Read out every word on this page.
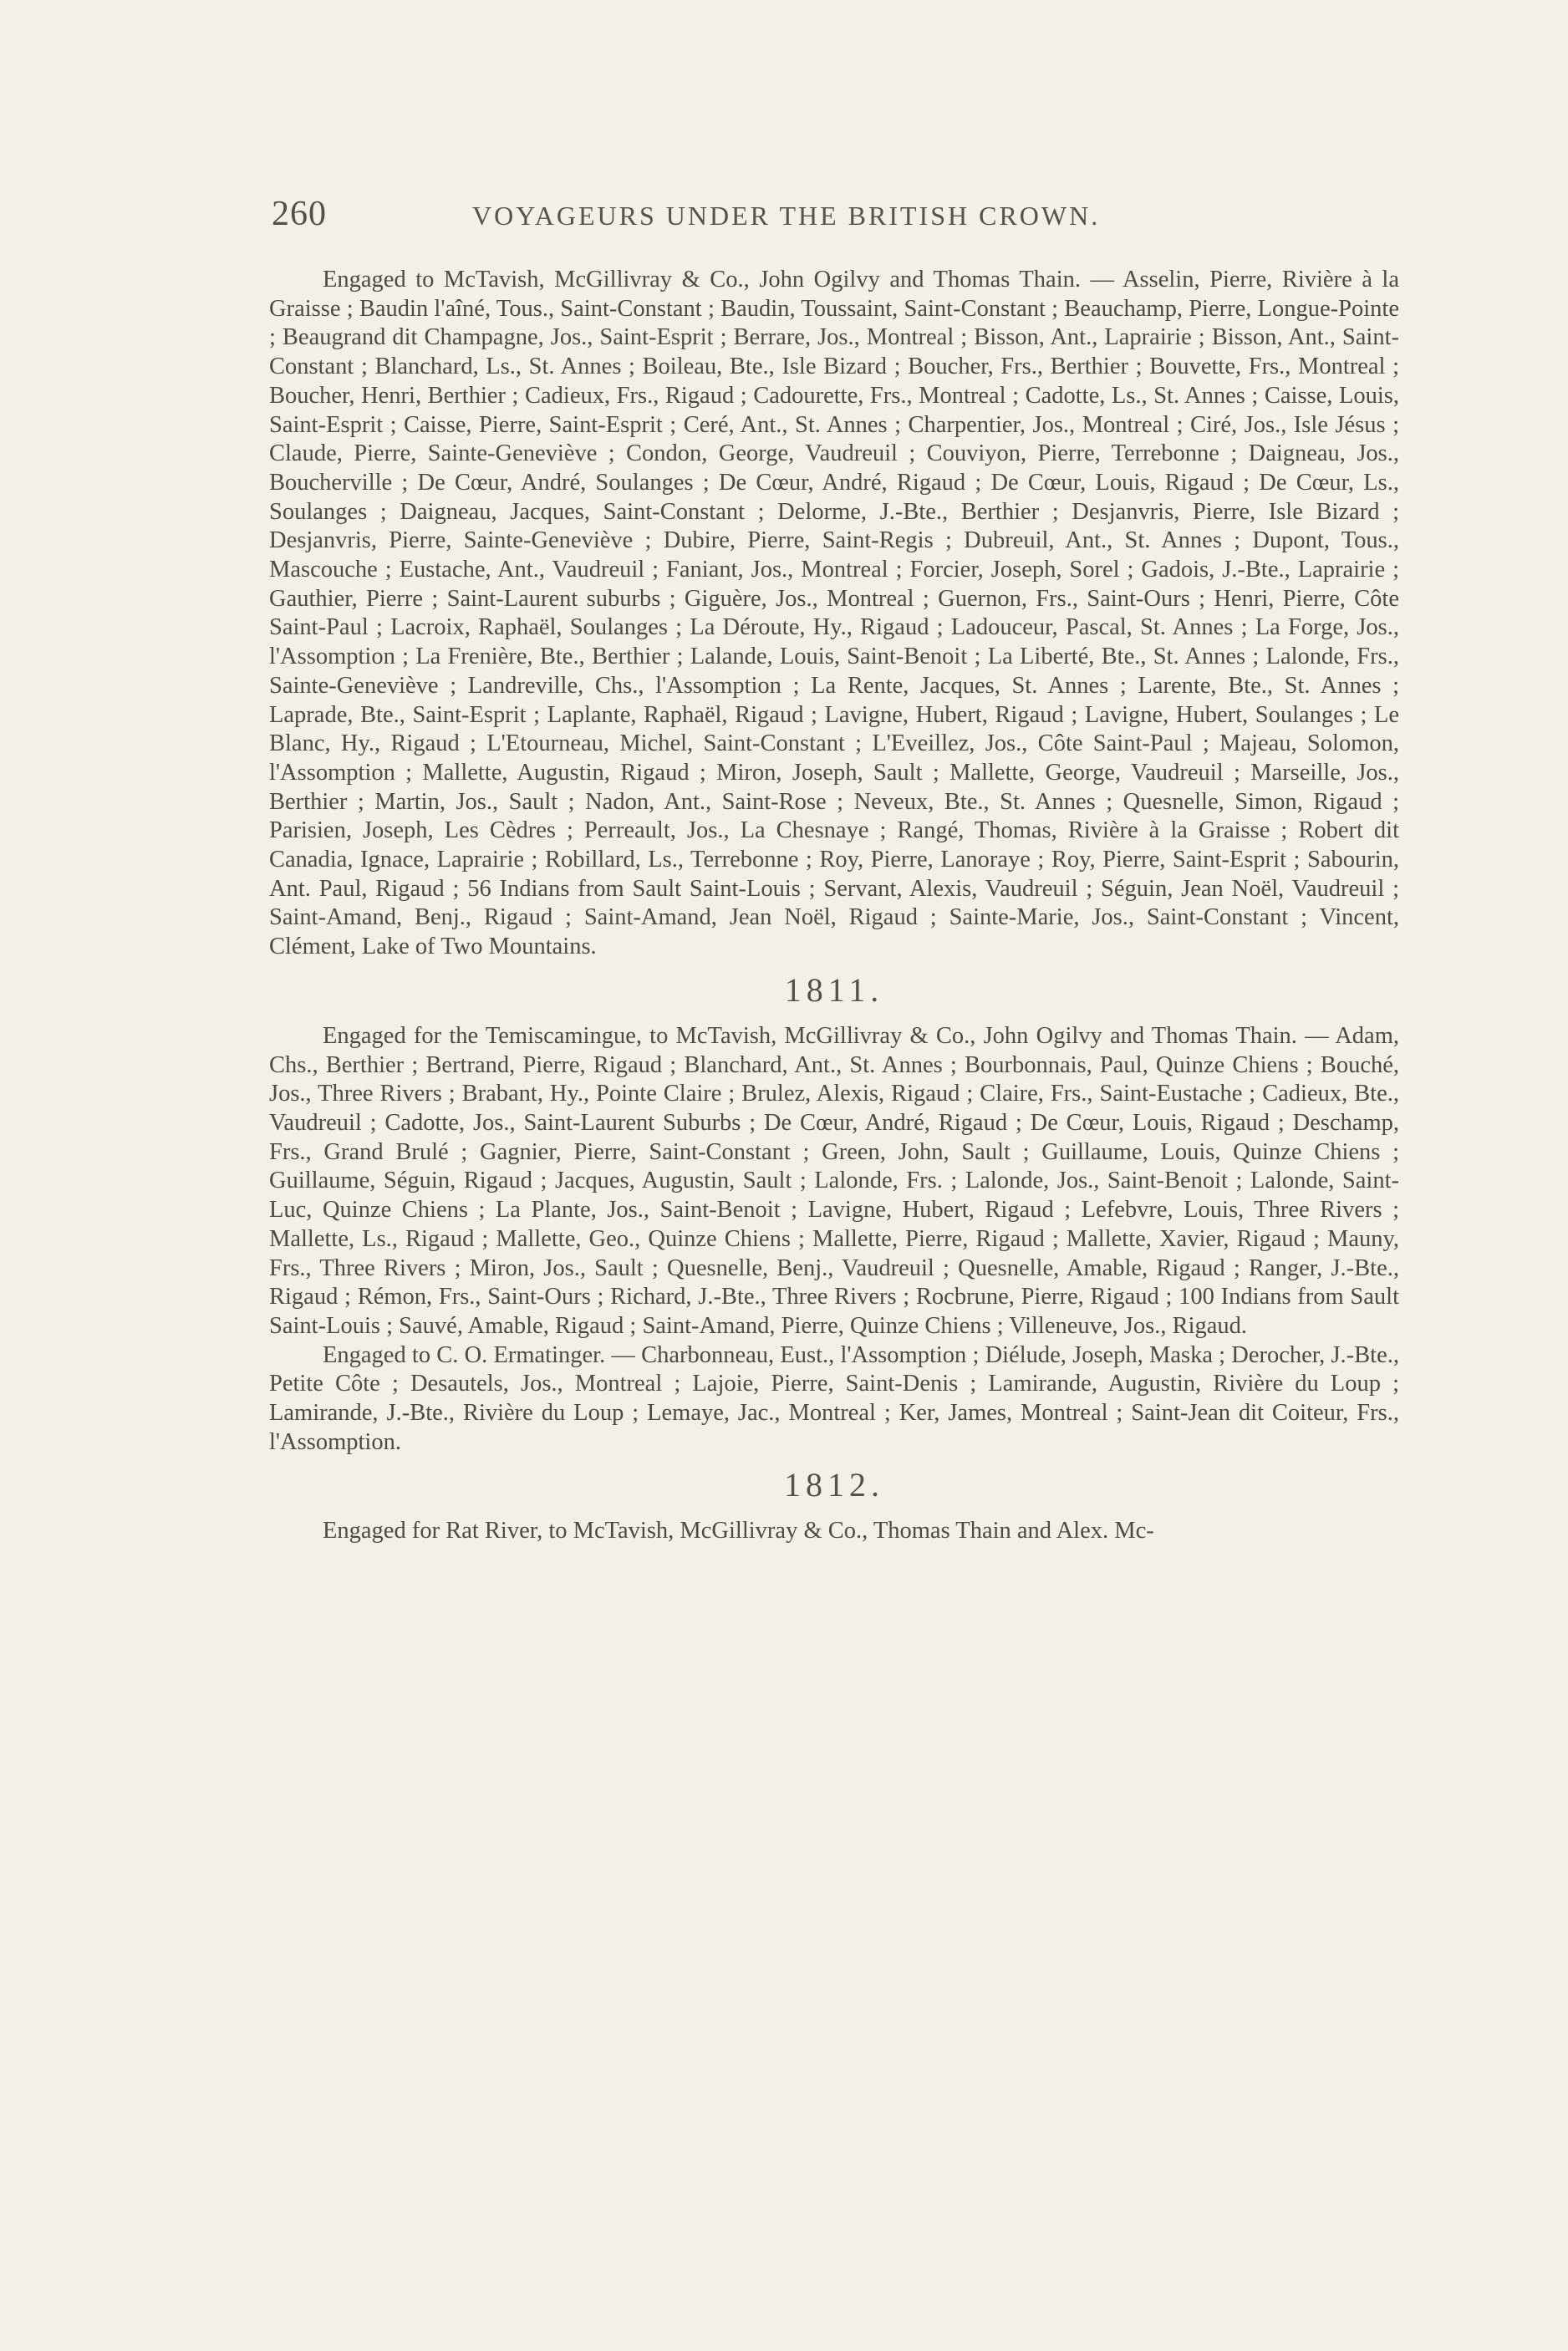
260	VOYAGEURS UNDER THE BRITISH CROWN.

Engaged to McTavish, McGillivray & Co., John Ogilvy and Thomas Thain. — Asselin, Pierre, Rivière à la Graisse ; Baudin l'aîné, Tous., Saint-Constant ; Baudin, Toussaint, Saint-Constant ; Beauchamp, Pierre, Longue-Pointe ; Beaugrand dit Champagne, Jos., Saint-Esprit ; Berrare, Jos., Montreal ; Bisson, Ant., Laprairie ; Bisson, Ant., Saint-Constant ; Blanchard, Ls., St. Annes ; Boileau, Bte., Isle Bizard ; Boucher, Frs., Berthier ; Bouvette, Frs., Montreal ; Boucher, Henri, Berthier ; Cadieux, Frs., Rigaud ; Cadourette, Frs., Montreal ; Cadotte, Ls., St. Annes ; Caisse, Louis, Saint-Esprit ; Caisse, Pierre, Saint-Esprit ; Ceré, Ant., St. Annes ; Charpentier, Jos., Montreal ; Ciré, Jos., Isle Jésus ; Claude, Pierre, Sainte-Geneviève ; Condon, George, Vaudreuil ; Couviyon, Pierre, Terrebonne ; Daigneau, Jos., Boucherville ; De Cœur, André, Soulanges ; De Cœur, André, Rigaud ; De Cœur, Louis, Rigaud ; De Cœur, Ls., Soulanges ; Daigneau, Jacques, Saint-Constant ; Delorme, J.-Bte., Berthier ; Desjanvris, Pierre, Isle Bizard ; Desjanvris, Pierre, Sainte-Geneviève ; Dubire, Pierre, Saint-Regis ; Dubreuil, Ant., St. Annes ; Dupont, Tous., Mascouche ; Eustache, Ant., Vaudreuil ; Faniant, Jos., Montreal ; Forcier, Joseph, Sorel ; Gadois, J.-Bte., Laprairie ; Gauthier, Pierre ; Saint-Laurent suburbs ; Giguère, Jos., Montreal ; Guernon, Frs., Saint-Ours ; Henri, Pierre, Côte Saint-Paul ; Lacroix, Raphaël, Soulanges ; La Déroute, Hy., Rigaud ; Ladouceur, Pascal, St. Annes ; La Forge, Jos., l'Assomption ; La Frenière, Bte., Berthier ; Lalande, Louis, Saint-Benoit ; La Liberté, Bte., St. Annes ; Lalonde, Frs., Sainte-Geneviève ; Landreville, Chs., l'Assomption ; La Rente, Jacques, St. Annes ; Larente, Bte., St. Annes ; Laprade, Bte., Saint-Esprit ; Laplante, Raphaël, Rigaud ; Lavigne, Hubert, Rigaud ; Lavigne, Hubert, Soulanges ; Le Blanc, Hy., Rigaud ; L'Etourneau, Michel, Saint-Constant ; L'Eveillez, Jos., Côte Saint-Paul ; Majeau, Solomon, l'Assomption ; Mallette, Augustin, Rigaud ; Miron, Joseph, Sault ; Mallette, George, Vaudreuil ; Marseille, Jos., Berthier ; Martin, Jos., Sault ; Nadon, Ant., Saint-Rose ; Neveux, Bte., St. Annes ; Quesnelle, Simon, Rigaud ; Parisien, Joseph, Les Cèdres ; Perreault, Jos., La Chesnaye ; Rangé, Thomas, Rivière à la Graisse ; Robert dit Canadia, Ignace, Laprairie ; Robillard, Ls., Terrebonne ; Roy, Pierre, Lanoraye ; Roy, Pierre, Saint-Esprit ; Sabourin, Ant. Paul, Rigaud ; 56 Indians from Sault Saint-Louis ; Servant, Alexis, Vaudreuil ; Séguin, Jean Noël, Vaudreuil ; Saint-Amand, Benj., Rigaud ; Saint-Amand, Jean Noël, Rigaud ; Sainte-Marie, Jos., Saint-Constant ; Vincent, Clément, Lake of Two Mountains.

1811.

Engaged for the Temiscamingue, to McTavish, McGillivray & Co., John Ogilvy and Thomas Thain. — Adam, Chs., Berthier ; Bertrand, Pierre, Rigaud ; Blanchard, Ant., St. Annes ; Bourbonnais, Paul, Quinze Chiens ; Bouché, Jos., Three Rivers ; Brabant, Hy., Pointe Claire ; Brulez, Alexis, Rigaud ; Claire, Frs., Saint-Eustache ; Cadieux, Bte., Vaudreuil ; Cadotte, Jos., Saint-Laurent Suburbs ; De Cœur, André, Rigaud ; De Cœur, Louis, Rigaud ; Deschamp, Frs., Grand Brulé ; Gagnier, Pierre, Saint-Constant ; Green, John, Sault ; Guillaume, Louis, Quinze Chiens ; Guillaume, Séguin, Rigaud ; Jacques, Augustin, Sault ; Lalonde, Frs. ; Lalonde, Jos., Saint-Benoit ; Lalonde, Saint-Luc, Quinze Chiens ; La Plante, Jos., Saint-Benoit ; Lavigne, Hubert, Rigaud ; Lefebvre, Louis, Three Rivers ; Mallette, Ls., Rigaud ; Mallette, Geo., Quinze Chiens ; Mallette, Pierre, Rigaud ; Mallette, Xavier, Rigaud ; Mauny, Frs., Three Rivers ; Miron, Jos., Sault ; Quesnelle, Benj., Vaudreuil ; Quesnelle, Amable, Rigaud ; Ranger, J.-Bte., Rigaud ; Rémon, Frs., Saint-Ours ; Richard, J.-Bte., Three Rivers ; Rocbrune, Pierre, Rigaud ; 100 Indians from Sault Saint-Louis ; Sauvé, Amable, Rigaud ; Saint-Amand, Pierre, Quinze Chiens ; Villeneuve, Jos., Rigaud.

Engaged to C. O. Ermatinger. — Charbonneau, Eust., l'Assomption ; Diélude, Joseph, Maska ; Derocher, J.-Bte., Petite Côte ; Desautels, Jos., Montreal ; Lajoie, Pierre, Saint-Denis ; Lamirande, Augustin, Rivière du Loup ; Lamirande, J.-Bte., Rivière du Loup ; Lemaye, Jac., Montreal ; Ker, James, Montreal ; Saint-Jean dit Coiteur, Frs., l'Assomption.

1812.

Engaged for Rat River, to McTavish, McGillivray & Co., Thomas Thain and Alex. Mc-
